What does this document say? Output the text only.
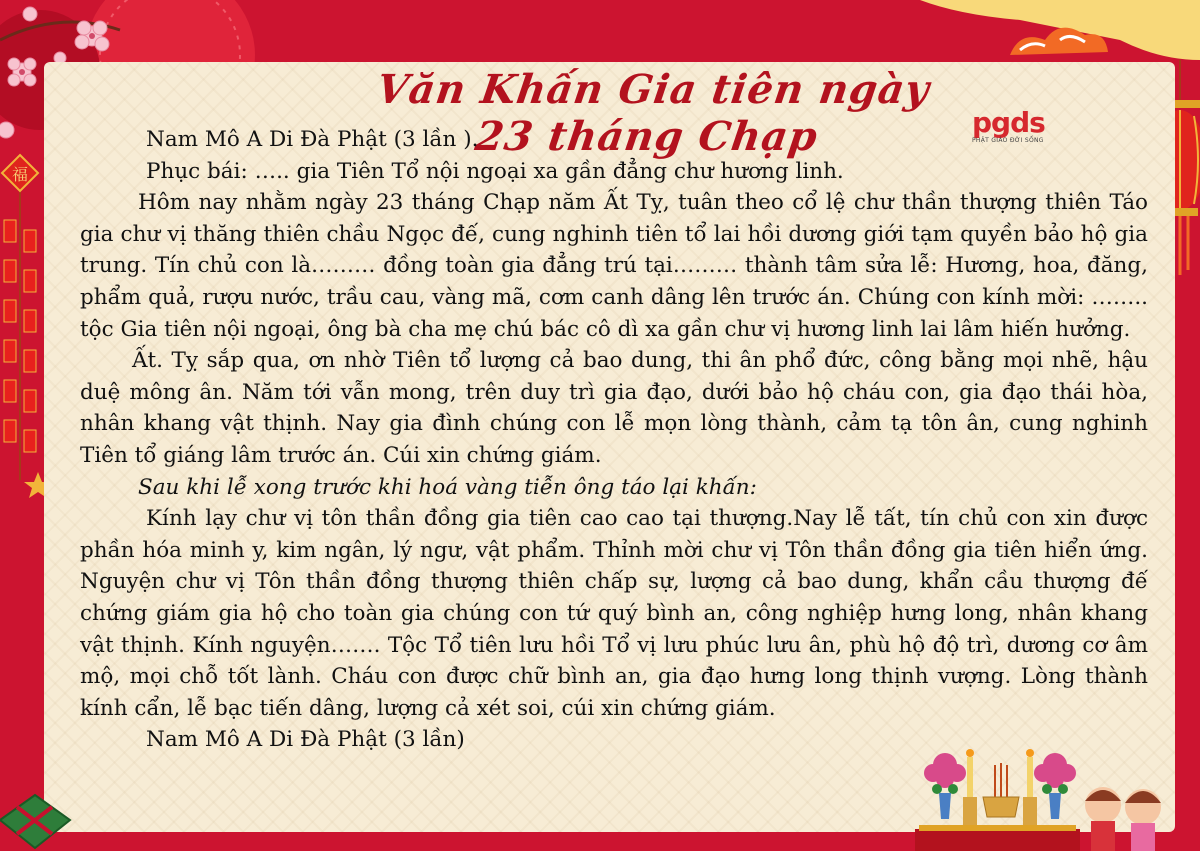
福
Văn Khấn Gia tiên ngày 23 tháng Chạp	pgds
PHẬT GIÁO ĐỜI SỐNG

Nam Mô A Di Đà Phật (3 lần ).

Phục bái: ….. gia Tiên Tổ nội ngoại xa gần đẳng chư hương linh.

Hôm nay nhằm ngày 23 tháng Chạp năm Ất Tỵ, tuân theo cổ lệ chư thần thượng thiên Táo gia chư vị thăng thiên chầu Ngọc đế, cung nghinh tiên tổ lai hồi dương giới tạm quyền bảo hộ gia trung. Tín chủ con là……… đồng toàn gia đẳng trú tại……… thành tâm sửa lễ: Hương, hoa, đăng, phẩm quả, rượu nước, trầu cau, vàng mã, cơm canh dâng lên trước án. Chúng con kính mời: …….. tộc Gia tiên nội ngoại, ông bà cha mẹ chú bác cô dì xa gần chư vị hương linh lai lâm hiến hưởng.

Ất. Tỵ sắp qua, ơn nhờ Tiên tổ lượng cả bao dung, thi ân phổ đức, công bằng mọi nhẽ, hậu duệ mông ân. Năm tới vẫn mong, trên duy trì gia đạo, dưới bảo hộ cháu con, gia đạo thái hòa, nhân khang vật thịnh. Nay gia đình chúng con lễ mọn lòng thành, cảm tạ tôn ân, cung nghinh Tiên tổ giáng lâm trước án. Cúi xin chứng giám.

Sau khi lễ xong trước khi hoá vàng tiễn ông táo lại khấn:

Kính lạy chư vị tôn thần đồng gia tiên cao cao tại thượng.Nay lễ tất, tín chủ con xin được phần hóa minh y, kim ngân, lý ngư, vật phẩm. Thỉnh mời chư vị Tôn thần đồng gia tiên hiển ứng. Nguyện chư vị Tôn thần đồng thượng thiên chấp sự, lượng cả bao dung, khẩn cầu thượng đế chứng giám gia hộ cho toàn gia chúng con tứ quý bình an, công nghiệp hưng long, nhân khang vật thịnh. Kính nguyện……. Tộc Tổ tiên lưu hồi Tổ vị lưu phúc lưu ân, phù hộ độ trì, dương cơ âm mộ, mọi chỗ tốt lành. Cháu con được chữ bình an, gia đạo hưng long thịnh vượng. Lòng thành kính cẩn, lễ bạc tiến dâng, lượng cả xét soi, cúi xin chứng giám.

Nam Mô A Di Đà Phật (3 lần)
